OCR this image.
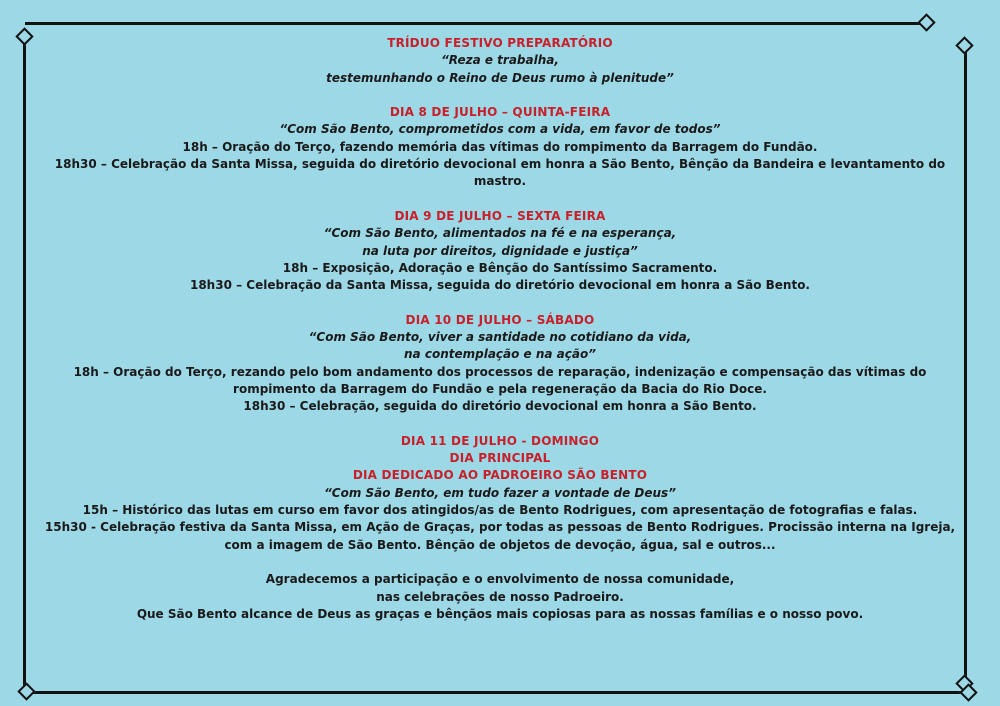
TRÍDUO FESTIVO PREPARATÓRIO
“Reza e trabalha,
testemunhando o Reino de Deus rumo à plenitude”
DIA 8 DE JULHO – QUINTA-FEIRA
“Com São Bento, comprometidos com a vida, em favor de todos”
18h – Oração do Terço, fazendo memória das vítimas do rompimento da Barragem do Fundão.
18h30 – Celebração da Santa Missa, seguida do diretório devocional em honra a São Bento, Bênção da Bandeira e levantamento do
mastro.
DIA 9 DE JULHO – SEXTA FEIRA
“Com São Bento, alimentados na fé e na esperança,
na luta por direitos, dignidade e justiça”
18h – Exposição, Adoração e Bênção do Santíssimo Sacramento.
18h30 – Celebração da Santa Missa, seguida do diretório devocional em honra a São Bento.
DIA 10 DE JULHO – SÁBADO
“Com São Bento, viver a santidade no cotidiano da vida,
na contemplação e na ação”
18h – Oração do Terço, rezando pelo bom andamento dos processos de reparação, indenização e compensação das vítimas do
rompimento da Barragem do Fundão e pela regeneração da Bacia do Rio Doce.
18h30 – Celebração, seguida do diretório devocional em honra a São Bento.
DIA 11 DE JULHO - DOMINGO
DIA PRINCIPAL
DIA DEDICADO AO PADROEIRO SÃO BENTO
“Com São Bento, em tudo fazer a vontade de Deus”
15h – Histórico das lutas em curso em favor dos atingidos/as de Bento Rodrigues, com apresentação de fotografias e falas.
15h30 - Celebração festiva da Santa Missa, em Ação de Graças, por todas as pessoas de Bento Rodrigues. Procissão interna na Igreja,
com a imagem de São Bento. Bênção de objetos de devoção, água, sal e outros...
Agradecemos a participação e o envolvimento de nossa comunidade,
nas celebrações de nosso Padroeiro.
Que São Bento alcance de Deus as graças e bênçãos mais copiosas para as nossas famílias e o nosso povo.
